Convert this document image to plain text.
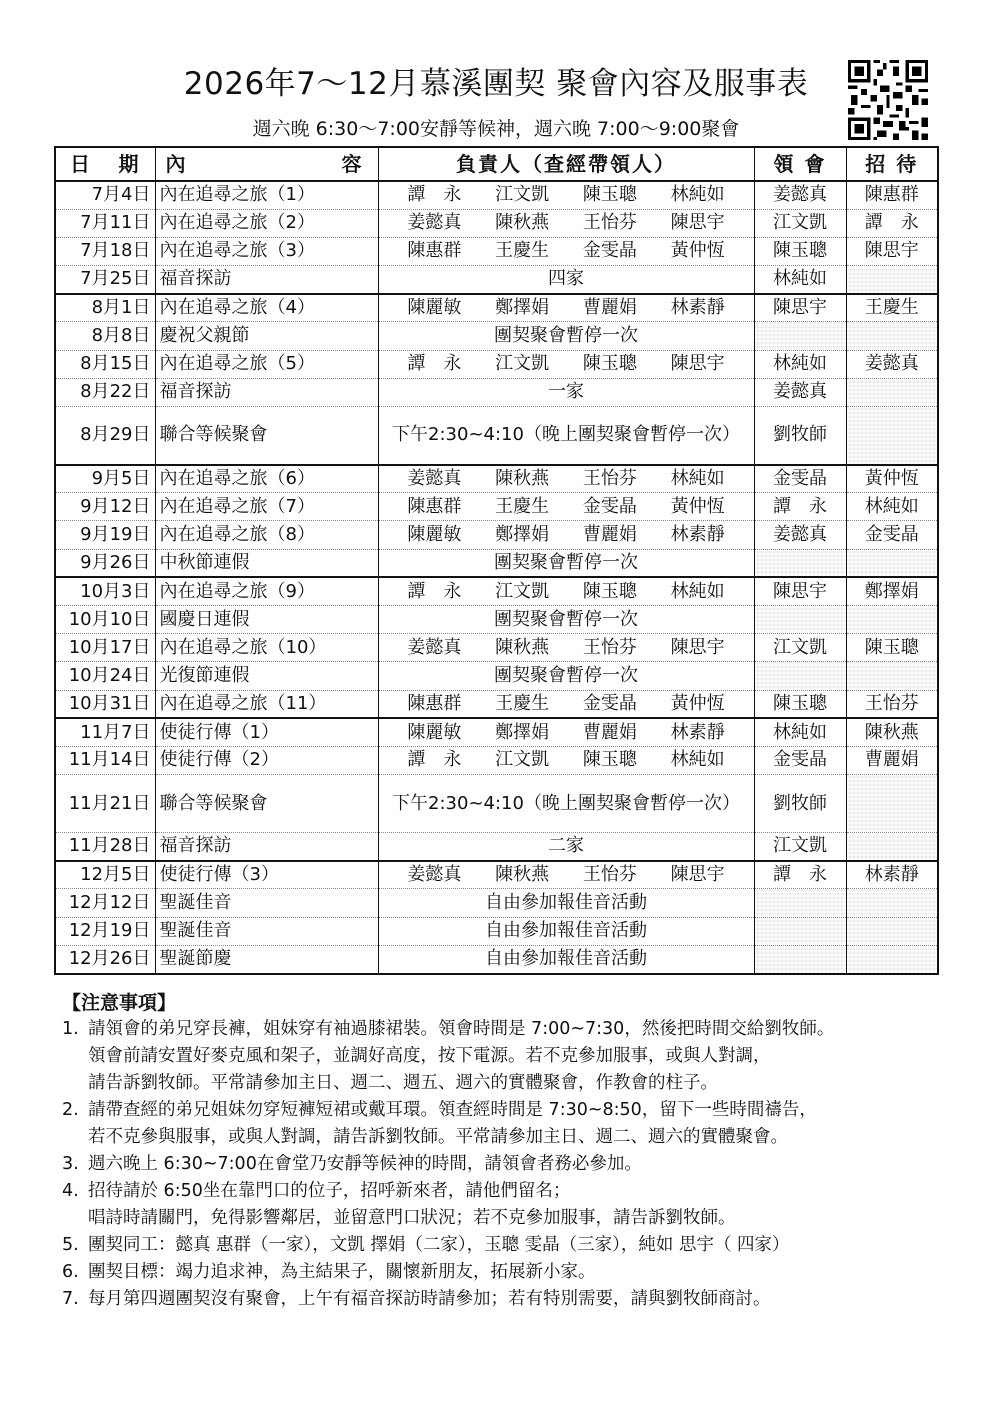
2026年7～12月慕溪團契 聚會內容及服事表
週六晚 6:30～7:00安靜等候神，週六晚 7:00～9:00聚會
日 期	內 容	負責人（查經帶領人）	領 會	招 待
7月4日	內在追尋之旅（1）	譚　永 江文凱 陳玉聰 林純如	姜懿真	陳惠群
7月11日	內在追尋之旅（2）	姜懿真 陳秋燕 王怡芬 陳思宇	江文凱	譚　永
7月18日	內在追尋之旅（3）	陳惠群 王慶生 金雯晶 黃仲恆	陳玉聰	陳思宇
7月25日	福音探訪	四家	林純如	
8月1日	內在追尋之旅（4）	陳麗敏 鄭擇娟 曹麗娟 林素靜	陳思宇	王慶生
8月8日	慶祝父親節	團契聚會暫停一次		

8月15日	內在追尋之旅（5）	譚　永 江文凱 陳玉聰 陳思宇	林純如	姜懿真
8月22日	福音探訪	一家	姜懿真	
8月29日	聯合等候聚會	下午2:30~4:10（晚上團契聚會暫停一次）	劉牧師	
9月5日	內在追尋之旅（6）	姜懿真 陳秋燕 王怡芬 林純如	金雯晶	黃仲恆
9月12日	內在追尋之旅（7）	陳惠群 王慶生 金雯晶 黃仲恆	譚　永	林純如
9月19日	內在追尋之旅（8）	陳麗敏 鄭擇娟 曹麗娟 林素靜	姜懿真	金雯晶
9月26日	中秋節連假	團契聚會暫停一次		

10月3日	內在追尋之旅（9）	譚　永 江文凱 陳玉聰 林純如	陳思宇	鄭擇娟
10月10日	國慶日連假	團契聚會暫停一次		

10月17日	內在追尋之旅（10）	姜懿真 陳秋燕 王怡芬 陳思宇	江文凱	陳玉聰
10月24日	光復節連假	團契聚會暫停一次		

10月31日	內在追尋之旅（11）	陳惠群 王慶生 金雯晶 黃仲恆	陳玉聰	王怡芬
11月7日	使徒行傳（1）	陳麗敏 鄭擇娟 曹麗娟 林素靜	林純如	陳秋燕
11月14日	使徒行傳（2）	譚　永 江文凱 陳玉聰 林純如	金雯晶	曹麗娟
11月21日	聯合等候聚會	下午2:30~4:10（晚上團契聚會暫停一次）	劉牧師	
11月28日	福音探訪	二家	江文凱	
12月5日	使徒行傳（3）	姜懿真 陳秋燕 王怡芬 陳思宇	譚　永	林素靜
12月12日	聖誕佳音	自由參加報佳音活動		

12月19日	聖誕佳音	自由參加報佳音活動		

12月26日	聖誕節慶	自由參加報佳音活動		

【注意事項】
1. 請領會的弟兄穿長褲，姐妹穿有袖過膝裙裝。領會時間是 7:00~7:30，然後把時間交給劉牧師。
領會前請安置好麥克風和架子，並調好高度，按下電源。若不克參加服事，或與人對調，
請告訴劉牧師。平常請參加主日、週二、週五、週六的實體聚會，作教會的柱子。
2. 請帶查經的弟兄姐妹勿穿短褲短裙或戴耳環。領查經時間是 7:30~8:50，留下一些時間禱告，
若不克參與服事，或與人對調，請告訴劉牧師。平常請參加主日、週二、週六的實體聚會。
3. 週六晚上 6:30~7:00在會堂乃安靜等候神的時間，請領會者務必參加。
4. 招待請於 6:50坐在靠門口的位子，招呼新來者，請他們留名；
唱詩時請關門，免得影響鄰居，並留意門口狀況；若不克參加服事，請告訴劉牧師。
5. 團契同工：懿真 惠群（一家），文凱 擇娟（二家），玉聰 雯晶（三家），純如 思宇（ 四家）
6. 團契目標：竭力追求神，為主結果子，關懷新朋友，拓展新小家。
7. 每月第四週團契沒有聚會，上午有福音探訪時請參加；若有特別需要，請與劉牧師商討。
